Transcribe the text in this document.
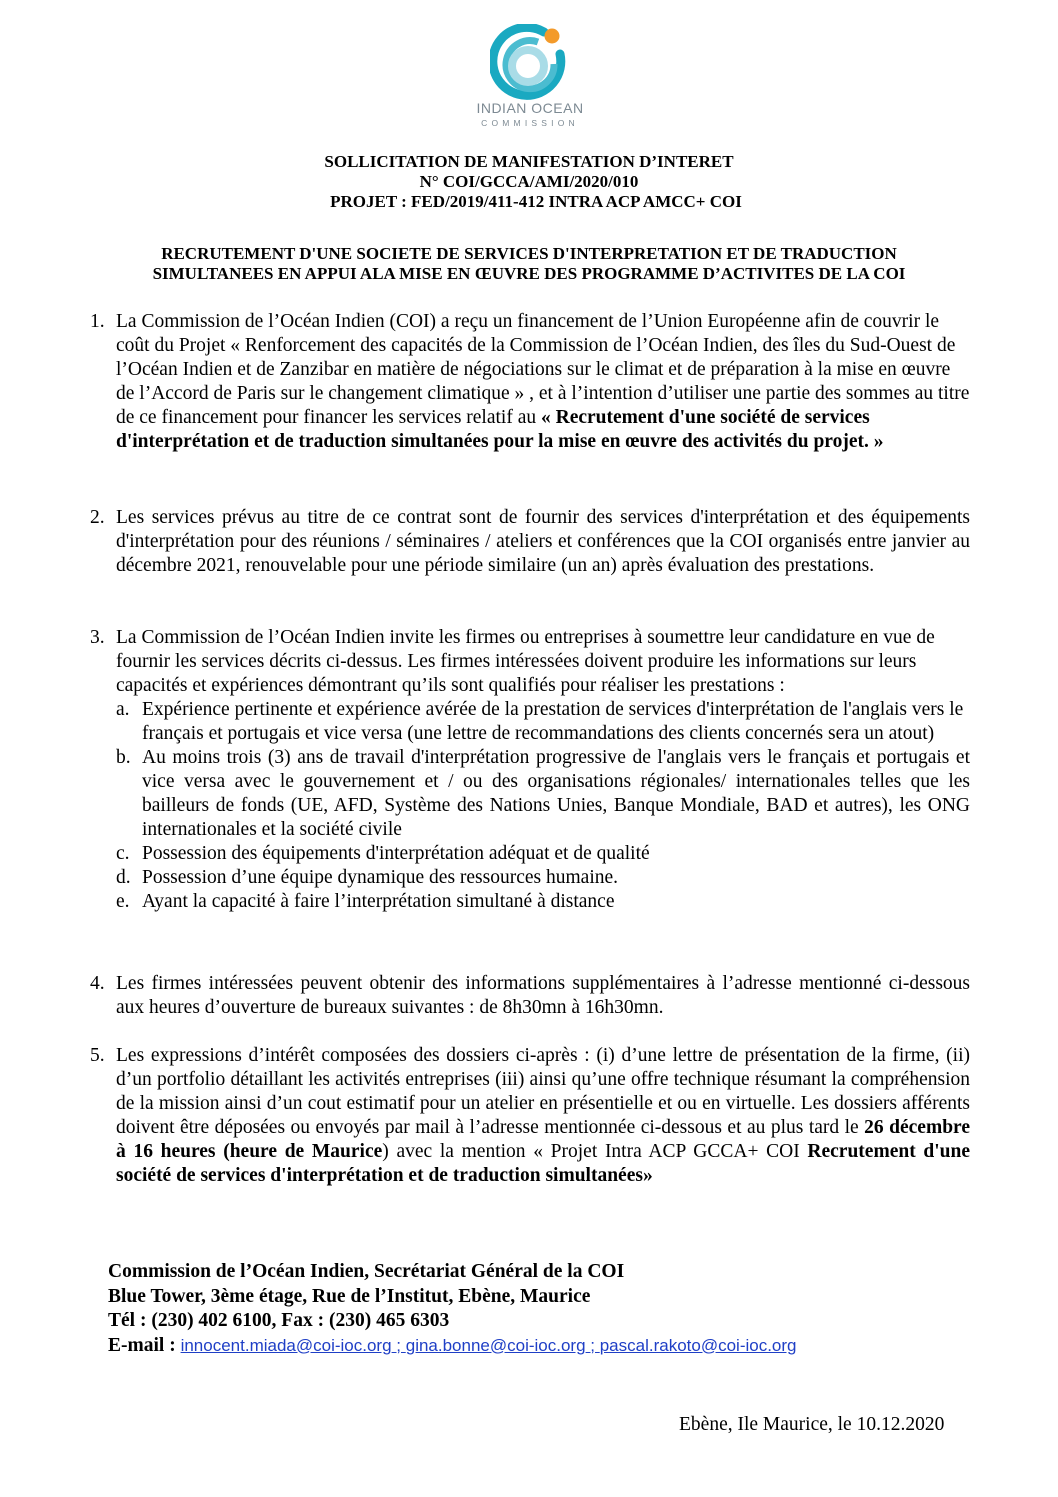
INDIAN OCEAN
COMMISSION
SOLLICITATION DE MANIFESTATION D’INTERET
N° COI/GCCA/AMI/2020/010
PROJET : FED/2019/411-412 INTRA ACP AMCC+ COI
RECRUTEMENT D'UNE SOCIETE DE SERVICES D'INTERPRETATION ET DE TRADUCTION
SIMULTANEES EN APPUI ALA MISE EN ŒUVRE DES PROGRAMME D’ACTIVITES DE LA COI
1. La Commission de l’Océan Indien (COI) a reçu un financement de l’Union Européenne afin de couvrir le coût du Projet « Renforcement des capacités de la Commission de l’Océan Indien, des îles du Sud-Ouest de l’Océan Indien et de Zanzibar en matière de négociations sur le climat et de préparation à la mise en œuvre de l’Accord de Paris sur le changement climatique » , et à l’intention d’utiliser une partie des sommes au titre de ce financement pour financer les services relatif au « Recrutement d'une société de services d'interprétation et de traduction simultanées pour la mise en œuvre des activités du projet. »
2. Les services prévus au titre de ce contrat sont de fournir des services d'interprétation et des équipements d'interprétation pour des réunions / séminaires / ateliers et conférences que la COI organisés entre janvier au décembre 2021, renouvelable pour une période similaire (un an) après évaluation des prestations.
3. La Commission de l’Océan Indien invite les firmes ou entreprises à soumettre leur candidature en vue de fournir les services décrits ci-dessus. Les firmes intéressées doivent produire les informations sur leurs capacités et expériences démontrant qu’ils sont qualifiés pour réaliser les prestations :
a. Expérience pertinente et expérience avérée de la prestation de services d'interprétation de l'anglais vers le français et portugais et vice versa (une lettre de recommandations des clients concernés sera un atout)
b. Au moins trois (3) ans de travail d'interprétation progressive de l'anglais vers le français et portugais et vice versa avec le gouvernement et / ou des organisations régionales/ internationales telles que les bailleurs de fonds (UE, AFD, Système des Nations Unies, Banque Mondiale, BAD et autres), les ONG internationales et la société civile
c. Possession des équipements d'interprétation adéquat et de qualité
d. Possession d’une équipe dynamique des ressources humaine.
e. Ayant la capacité à faire l’interprétation simultané à distance
4. Les firmes intéressées peuvent obtenir des informations supplémentaires à l’adresse mentionné ci-dessous aux heures d’ouverture de bureaux suivantes : de 8h30mn à 16h30mn.
5. Les expressions d’intérêt composées des dossiers ci-après : (i) d’une lettre de présentation de la firme, (ii) d’un portfolio détaillant les activités entreprises (iii) ainsi qu’une offre technique résumant la compréhension de la mission ainsi d’un cout estimatif pour un atelier en présentielle et ou en virtuelle. Les dossiers afférents doivent être déposées ou envoyés par mail à l’adresse mentionnée ci-dessous et au plus tard le 26 décembre à 16 heures (heure de Maurice) avec la mention « Projet Intra ACP GCCA+ COI Recrutement d'une société de services d'interprétation et de traduction simultanées»
Commission de l’Océan Indien, Secrétariat Général de la COI
Blue Tower, 3ème étage, Rue de l’Institut, Ebène, Maurice
Tél : (230) 402 6100, Fax : (230) 465 6303
E-mail : innocent.miada@coi-ioc.org ; gina.bonne@coi-ioc.org ; pascal.rakoto@coi-ioc.org
Ebène, Ile Maurice, le 10.12.2020
